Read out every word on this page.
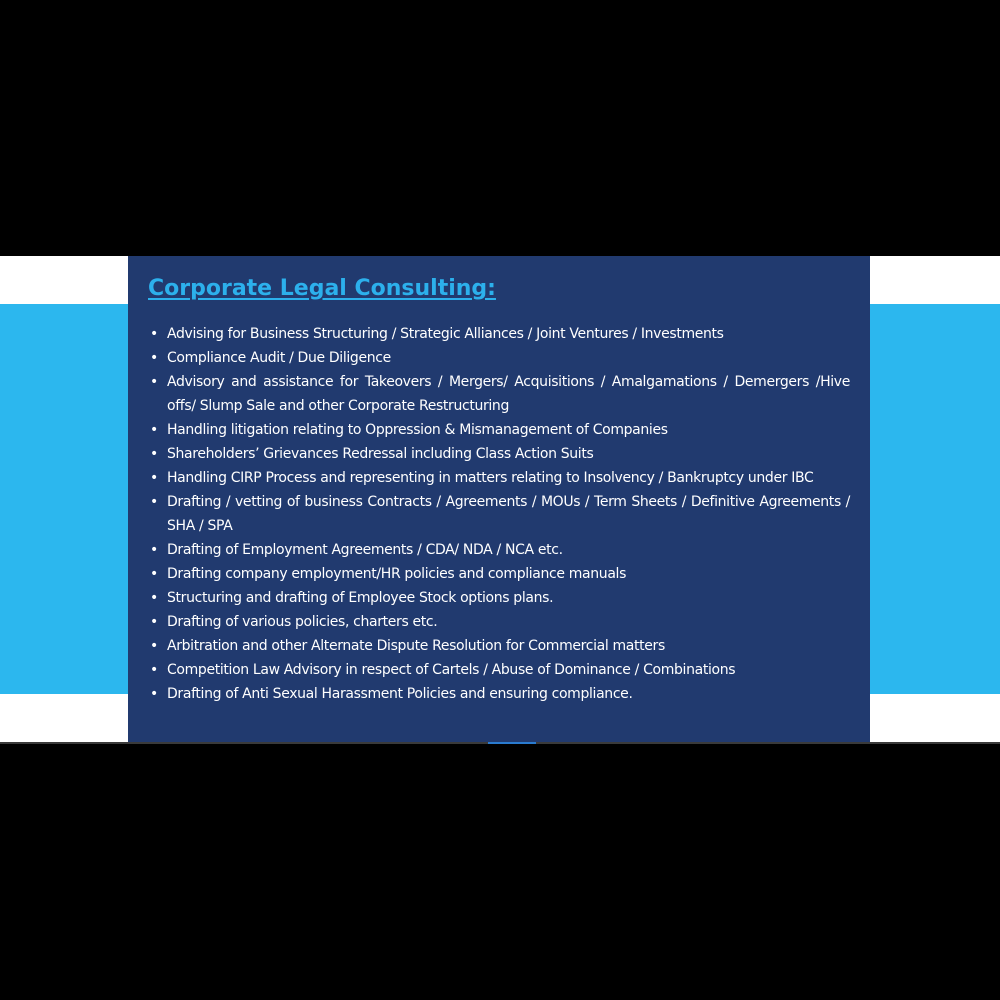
Corporate Legal Consulting:
• Advising for Business Structuring / Strategic Alliances / Joint Ventures / Investments
• Compliance Audit / Due Diligence
• Advisory and assistance for Takeovers / Mergers/ Acquisitions / Amalgamations / Demergers /Hive offs/ Slump Sale and other Corporate Restructuring
• Handling litigation relating to Oppression & Mismanagement of Companies
• Shareholders’ Grievances Redressal including Class Action Suits
• Handling CIRP Process and representing in matters relating to Insolvency / Bankruptcy under IBC
• Drafting / vetting of business Contracts / Agreements / MOUs / Term Sheets / Definitive Agreements / SHA / SPA
• Drafting of Employment Agreements / CDA/ NDA / NCA etc.
• Drafting company employment/HR policies and compliance manuals
• Structuring and drafting of Employee Stock options plans.
• Drafting of various policies, charters etc.
• Arbitration and other Alternate Dispute Resolution for Commercial matters
• Competition Law Advisory in respect of Cartels / Abuse of Dominance / Combinations
• Drafting of Anti Sexual Harassment Policies and ensuring compliance.
